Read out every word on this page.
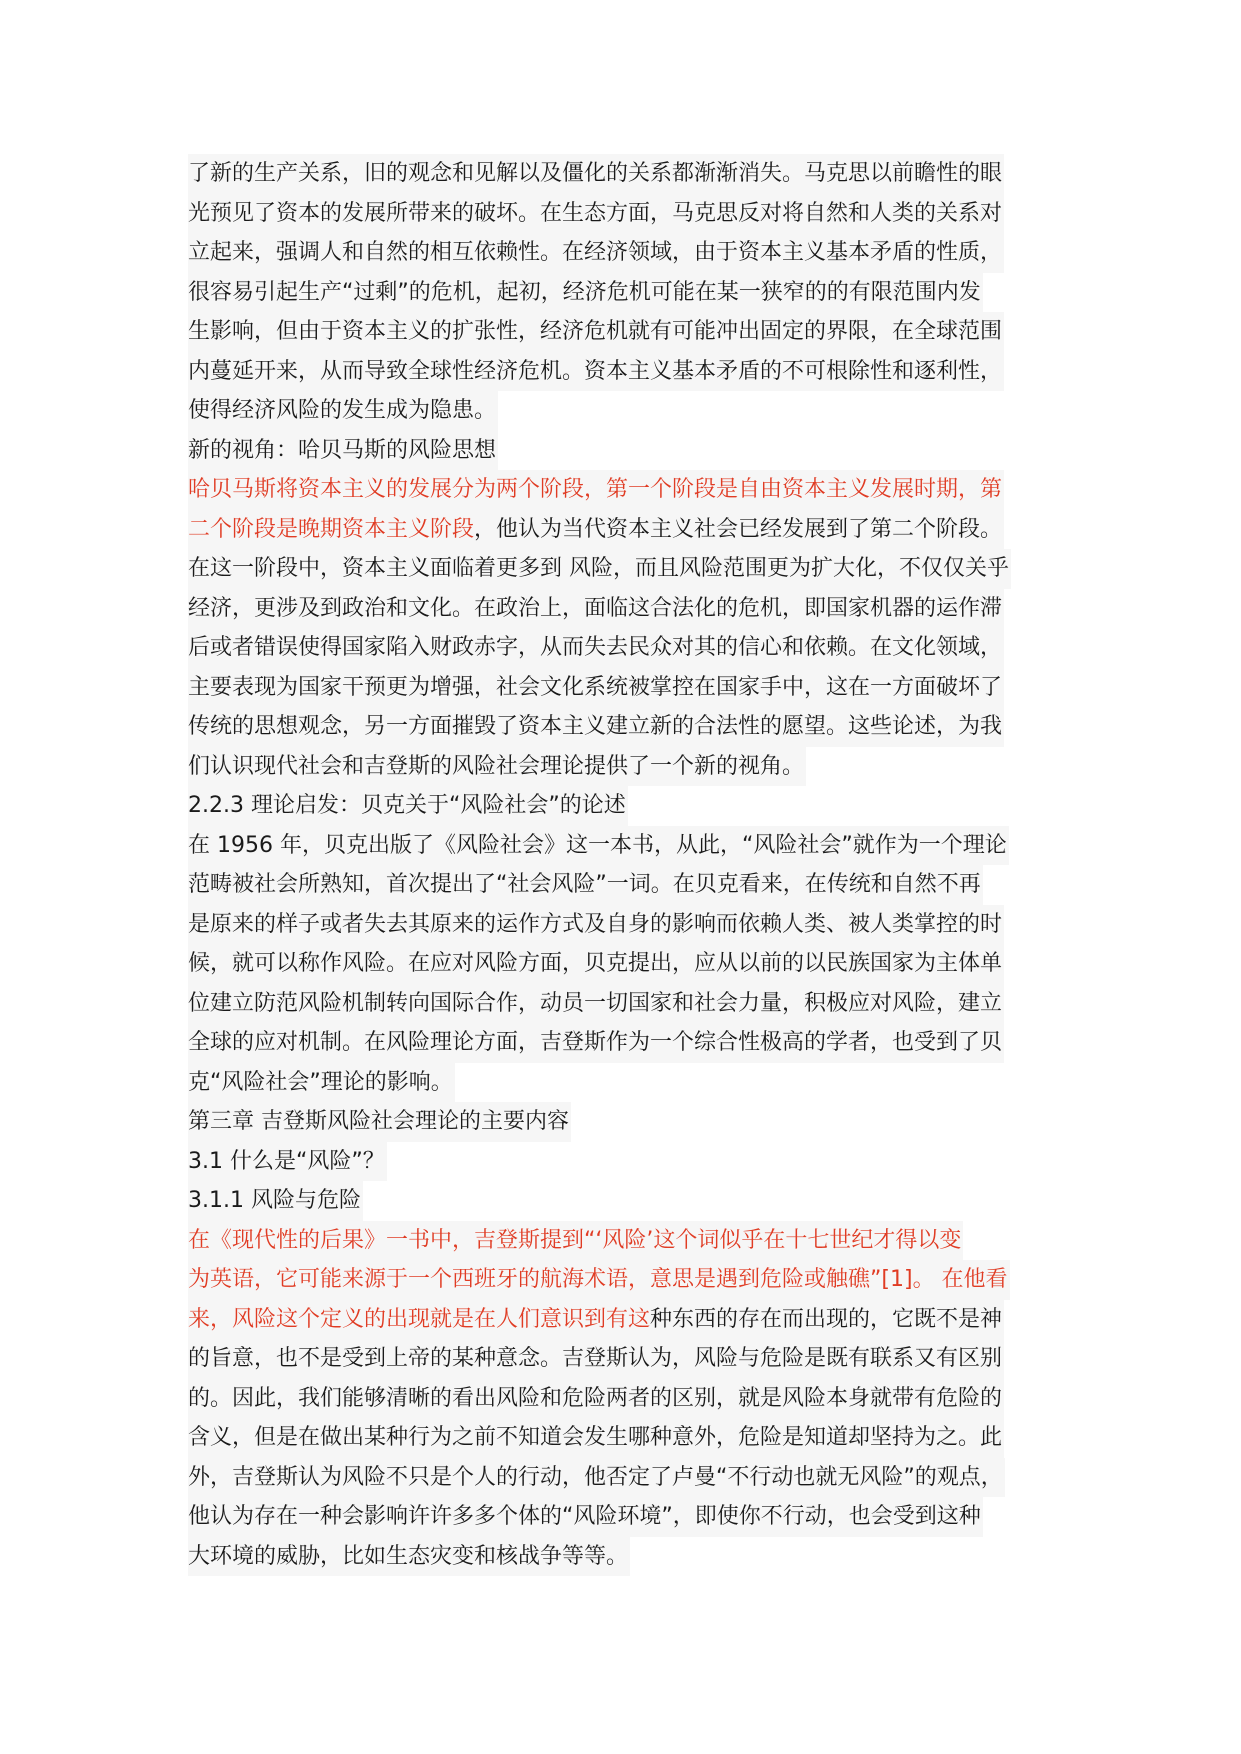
了新的生产关系，旧的观念和见解以及僵化的关系都渐渐消失。马克思以前瞻性的眼
光预见了资本的发展所带来的破坏。在生态方面，马克思反对将自然和人类的关系对
立起来，强调人和自然的相互依赖性。在经济领域，由于资本主义基本矛盾的性质，
很容易引起生产“过剩”的危机，起初，经济危机可能在某一狭窄的的有限范围内发
生影响，但由于资本主义的扩张性，经济危机就有可能冲出固定的界限，在全球范围
内蔓延开来，从而导致全球性经济危机。资本主义基本矛盾的不可根除性和逐利性，
使得经济风险的发生成为隐患。
新的视角：哈贝马斯的风险思想
哈贝马斯将资本主义的发展分为两个阶段，第一个阶段是自由资本主义发展时期，第
二个阶段是晚期资本主义阶段，他认为当代资本主义社会已经发展到了第二个阶段。
在这一阶段中，资本主义面临着更多到 风险，而且风险范围更为扩大化，不仅仅关乎
经济，更涉及到政治和文化。在政治上，面临这合法化的危机，即国家机器的运作滞
后或者错误使得国家陷入财政赤字，从而失去民众对其的信心和依赖。在文化领域，
主要表现为国家干预更为增强，社会文化系统被掌控在国家手中，这在一方面破坏了
传统的思想观念，另一方面摧毁了资本主义建立新的合法性的愿望。这些论述，为我
们认识现代社会和吉登斯的风险社会理论提供了一个新的视角。
2.2.3 理论启发：贝克关于“风险社会”的论述
在 1956 年，贝克出版了《风险社会》这一本书，从此，“风险社会”就作为一个理论
范畴被社会所熟知，首次提出了“社会风险”一词。在贝克看来，在传统和自然不再
是原来的样子或者失去其原来的运作方式及自身的影响而依赖人类、被人类掌控的时
候，就可以称作风险。在应对风险方面，贝克提出，应从以前的以民族国家为主体单
位建立防范风险机制转向国际合作，动员一切国家和社会力量，积极应对风险，建立
全球的应对机制。在风险理论方面，吉登斯作为一个综合性极高的学者，也受到了贝
克“风险社会”理论的影响。
第三章 吉登斯风险社会理论的主要内容
3.1 什么是“风险”？
3.1.1 风险与危险
在《现代性的后果》一书中，吉登斯提到“‘风险’这个词似乎在十七世纪才得以变
为英语，它可能来源于一个西班牙的航海术语，意思是遇到危险或触礁”[1]。 在他看
来，风险这个定义的出现就是在人们意识到有这种东西的存在而出现的，它既不是神
的旨意，也不是受到上帝的某种意念。吉登斯认为，风险与危险是既有联系又有区别
的。因此，我们能够清晰的看出风险和危险两者的区别，就是风险本身就带有危险的
含义，但是在做出某种行为之前不知道会发生哪种意外，危险是知道却坚持为之。此
外，吉登斯认为风险不只是个人的行动，他否定了卢曼“不行动也就无风险”的观点，
他认为存在一种会影响许许多多个体的“风险环境”，即使你不行动，也会受到这种
大环境的威胁，比如生态灾变和核战争等等。
